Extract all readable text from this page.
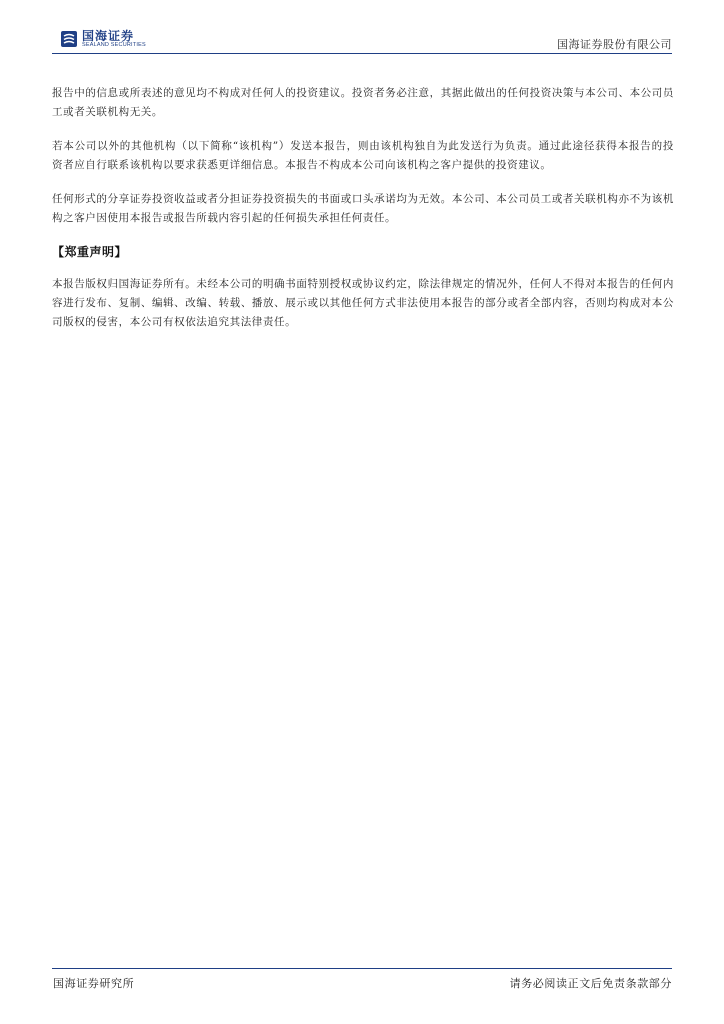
国海证券
SEALAND SECURITIES	国海证券股份有限公司

报告中的信息或所表述的意见均不构成对任何人的投资建议。投资者务必注意，其据此做出的任何投资决策与本公司、本公司员工或者关联机构无关。

若本公司以外的其他机构（以下简称“该机构”）发送本报告，则由该机构独自为此发送行为负责。通过此途径获得本报告的投资者应自行联系该机构以要求获悉更详细信息。本报告不构成本公司向该机构之客户提供的投资建议。

任何形式的分享证券投资收益或者分担证券投资损失的书面或口头承诺均为无效。本公司、本公司员工或者关联机构亦不为该机构之客户因使用本报告或报告所载内容引起的任何损失承担任何责任。

【郑重声明】

本报告版权归国海证券所有。未经本公司的明确书面特别授权或协议约定，除法律规定的情况外，任何人不得对本报告的任何内容进行发布、复制、编辑、改编、转载、播放、展示或以其他任何方式非法使用本报告的部分或者全部内容，否则均构成对本公司版权的侵害，本公司有权依法追究其法律责任。

国海证券研究所	请务必阅读正文后免责条款部分
